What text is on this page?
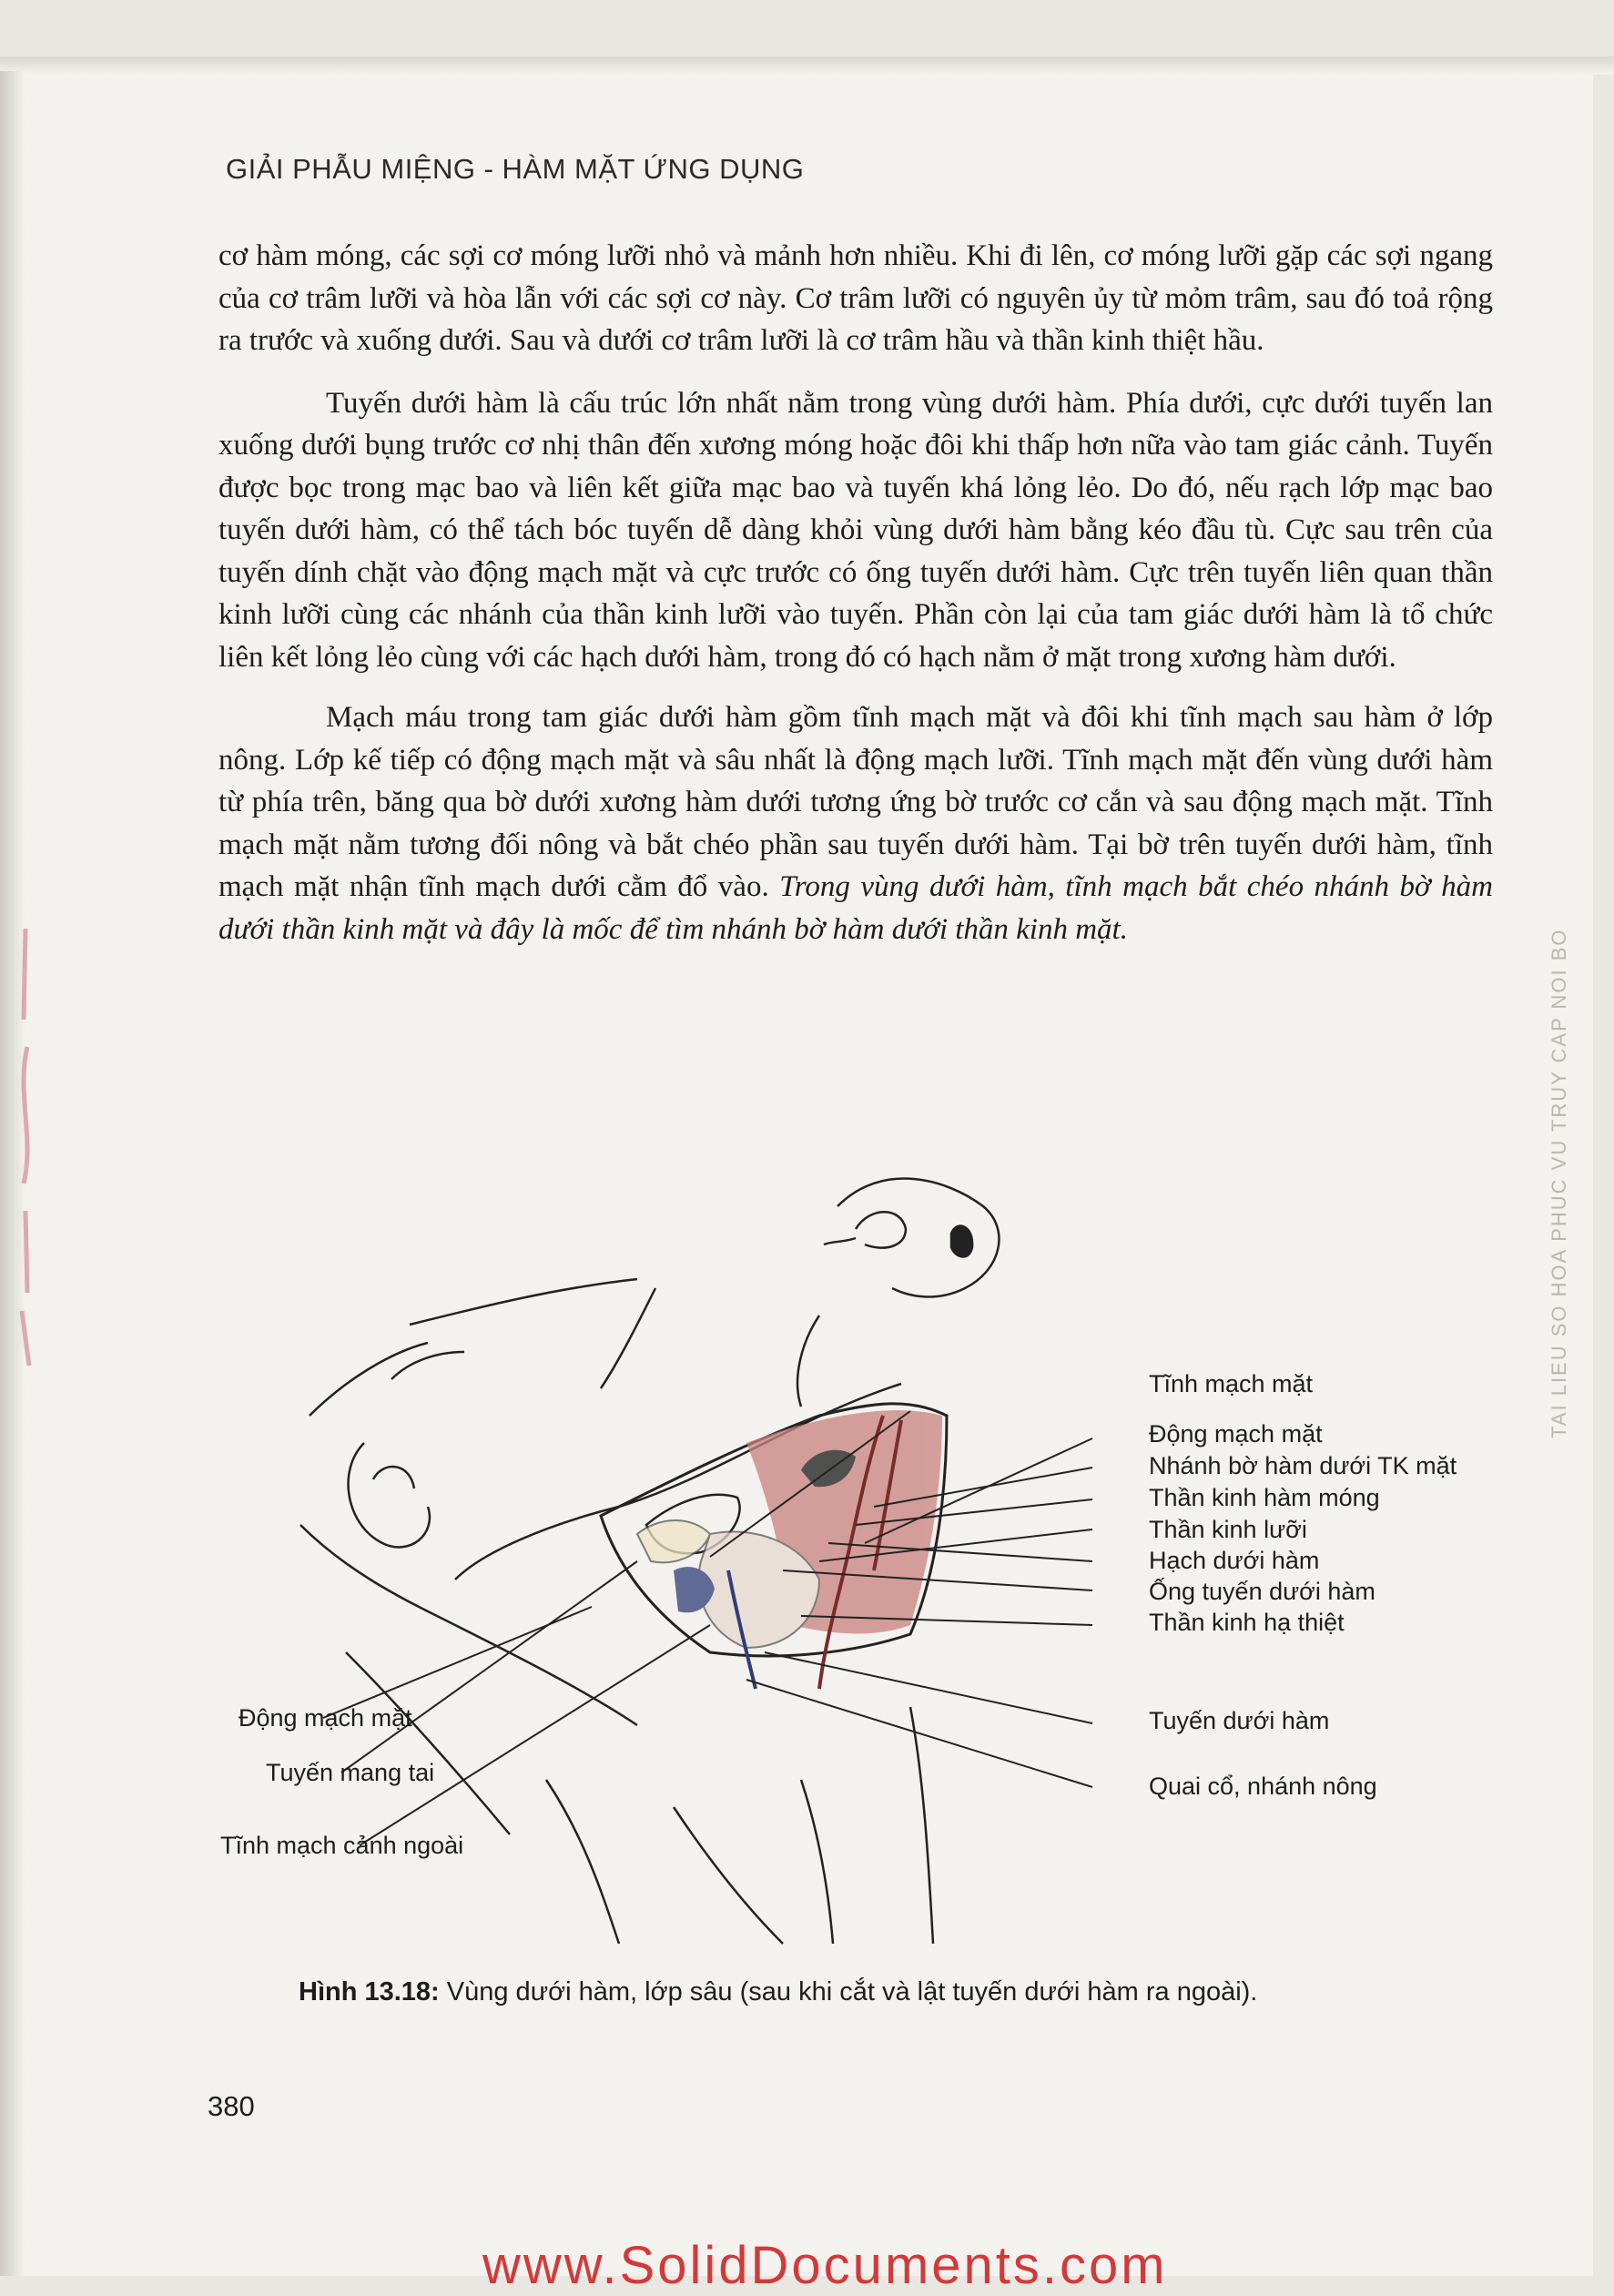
GIẢI PHẪU MIỆNG - HÀM MẶT ỨNG DỤNG

cơ hàm móng, các sợi cơ móng lưỡi nhỏ và mảnh hơn nhiều. Khi đi lên, cơ móng lưỡi gặp các sợi ngang của cơ trâm lưỡi và hòa lẫn với các sợi cơ này. Cơ trâm lưỡi có nguyên ủy từ mỏm trâm, sau đó toả rộng ra trước và xuống dưới. Sau và dưới cơ trâm lưỡi là cơ trâm hầu và thần kinh thiệt hầu.

Tuyến dưới hàm là cấu trúc lớn nhất nằm trong vùng dưới hàm. Phía dưới, cực dưới tuyến lan xuống dưới bụng trước cơ nhị thân đến xương móng hoặc đôi khi thấp hơn nữa vào tam giác cảnh. Tuyến được bọc trong mạc bao và liên kết giữa mạc bao và tuyến khá lỏng lẻo. Do đó, nếu rạch lớp mạc bao tuyến dưới hàm, có thể tách bóc tuyến dễ dàng khỏi vùng dưới hàm bằng kéo đầu tù. Cực sau trên của tuyến dính chặt vào động mạch mặt và cực trước có ống tuyến dưới hàm. Cực trên tuyến liên quan thần kinh lưỡi cùng các nhánh của thần kinh lưỡi vào tuyến. Phần còn lại của tam giác dưới hàm là tổ chức liên kết lỏng lẻo cùng với các hạch dưới hàm, trong đó có hạch nằm ở mặt trong xương hàm dưới.

Mạch máu trong tam giác dưới hàm gồm tĩnh mạch mặt và đôi khi tĩnh mạch sau hàm ở lớp nông. Lớp kế tiếp có động mạch mặt và sâu nhất là động mạch lưỡi. Tĩnh mạch mặt đến vùng dưới hàm từ phía trên, băng qua bờ dưới xương hàm dưới tương ứng bờ trước cơ cắn và sau động mạch mặt. Tĩnh mạch mặt nằm tương đối nông và bắt chéo phần sau tuyến dưới hàm. Tại bờ trên tuyến dưới hàm, tĩnh mạch mặt nhận tĩnh mạch dưới cằm đổ vào. Trong vùng dưới hàm, tĩnh mạch bắt chéo nhánh bờ hàm dưới thần kinh mặt và đây là mốc để tìm nhánh bờ hàm dưới thần kinh mặt.

Tĩnh mạch mặt
Động mạch mặt
Nhánh bờ hàm dưới TK mặt
Thần kinh hàm móng
Thần kinh lưỡi
Hạch dưới hàm
Ống tuyến dưới hàm
Thần kinh hạ thiệt
Tuyến dưới hàm
Quai cổ, nhánh nông
Động mạch mặt
Tuyến mang tai
Tĩnh mạch cảnh ngoài
Hình 13.18: Vùng dưới hàm, lớp sâu (sau khi cắt và lật tuyến dưới hàm ra ngoài).
380
TAI LIEU SO HOA PHUC VU TRUY CAP NOI BO
www.SolidDocuments.com
